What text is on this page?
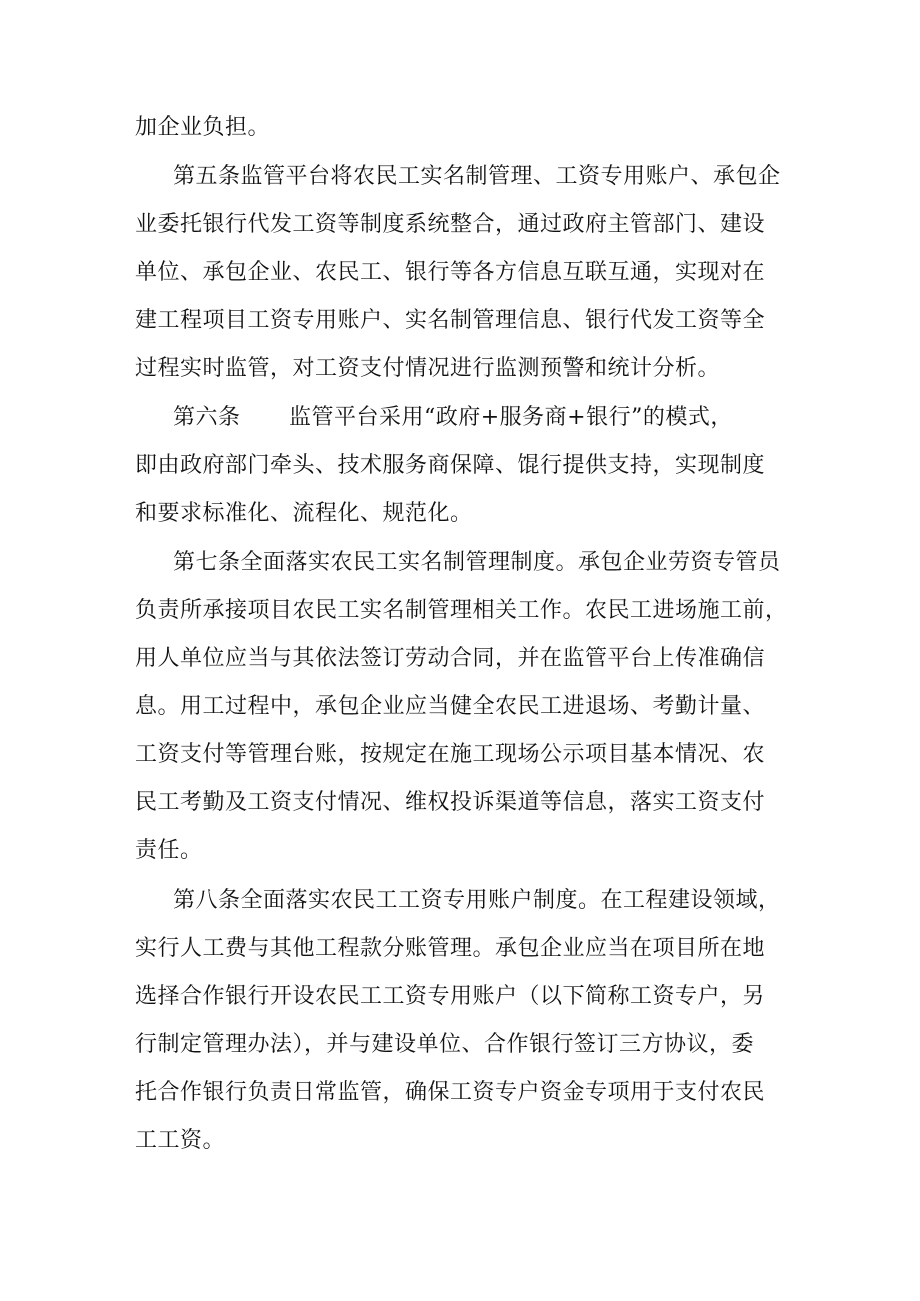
加企业负担。
第五条监管平台将农民工实名制管理、工资专用账户、承包企
业委托银行代发工资等制度系统整合，通过政府主管部门、建设
单位、承包企业、农民工、银行等各方信息互联互通，实现对在
建工程项目工资专用账户、实名制管理信息、银行代发工资等全
过程实时监管，对工资支付情况进行监测预警和统计分析。
第六条 监管平台采用“政府+服务商+银行”的模式，
即由政府部门牵头、技术服务商保障、馄行提供支持，实现制度
和要求标准化、流程化、规范化。
第七条全面落实农民工实名制管理制度。承包企业劳资专管员
负责所承接项目农民工实名制管理相关工作。农民工进场施工前，
用人单位应当与其依法签订劳动合同，并在监管平台上传准确信
息。用工过程中，承包企业应当健全农民工进退场、考勤计量、
工资支付等管理台账，按规定在施工现场公示项目基本情况、农
民工考勤及工资支付情况、维权投诉渠道等信息，落实工资支付
责任。
第八条全面落实农民工工资专用账户制度。在工程建设领域，
实行人工费与其他工程款分账管理。承包企业应当在项目所在地
选择合作银行开设农民工工资专用账户（以下简称工资专户，另
行制定管理办法），并与建设单位、合作银行签订三方协议，委
托合作银行负责日常监管，确保工资专户资金专项用于支付农民
工工资。
